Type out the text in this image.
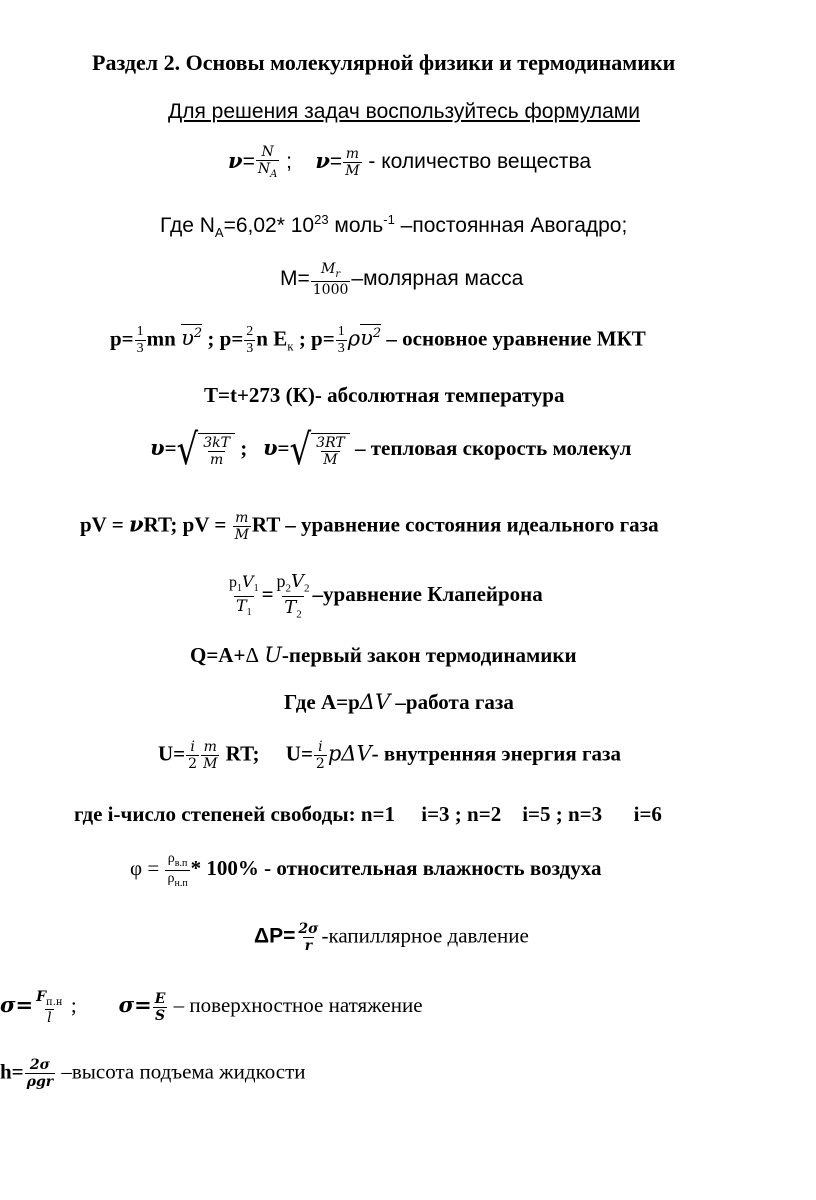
Раздел 2. Основы молекулярной физики и термодинамики
Для решения задач воспользуйтесь формулами
𝝂= $\frac{N}{N_A}$ ;    𝝂= $\frac{m}{M}$ - количество вещества
Где $N_A=6,02*$ $10^{23}$ моль$^{-1}$ –постоянная Авогадро;
$M= \frac{M_r}{1000}$ –молярная масса
$p= \frac{1}{3}$ mn $\upsilon^2$ ; $p= \frac{2}{3}$ n $E_к$ ; $p= \frac{1}{3} \rho\upsilon^2$ – основное уравнение МКТ
T=t+273 (К)- абсолютная температура
𝝊= √ $\frac{3kT}{m}$ ;   𝝊= √ $\frac{3RT}{M}$ – тепловая скорость молекул
pV = 𝝂RT; pV = $\frac{m}{M}$ RT – уравнение состояния идеального газа
$\frac{p_1V_1}{T_1} = \frac{p_2V_2}{T_2}$ –уравнение Клапейрона
Q=A+Δ U-первый закон термодинамики
Где A=pΔV –работа газа
$U= \frac{i}{2} \frac{m}{M}$ RT; $U= \frac{i}{2} p\Delta V-$ внутренняя энергия газа
где i-число степеней свободы: n=1     i=3 ; n=2    i=5 ; n=3      i=6
$\varphi = \frac{\rho_{в.п}}{\rho_{н.п}} * 100\%$ - относительная влажность воздуха
$\Delta P= \frac{2\sigma}{r}$ -капиллярное давление
$\sigma= \frac{F_{п.н}}{l}$ ; $\sigma= \frac{E}{S}$ – поверхностное натяжение
$h= \frac{2\sigma}{\text{ρgr}}$ –высота подъема жидкости
